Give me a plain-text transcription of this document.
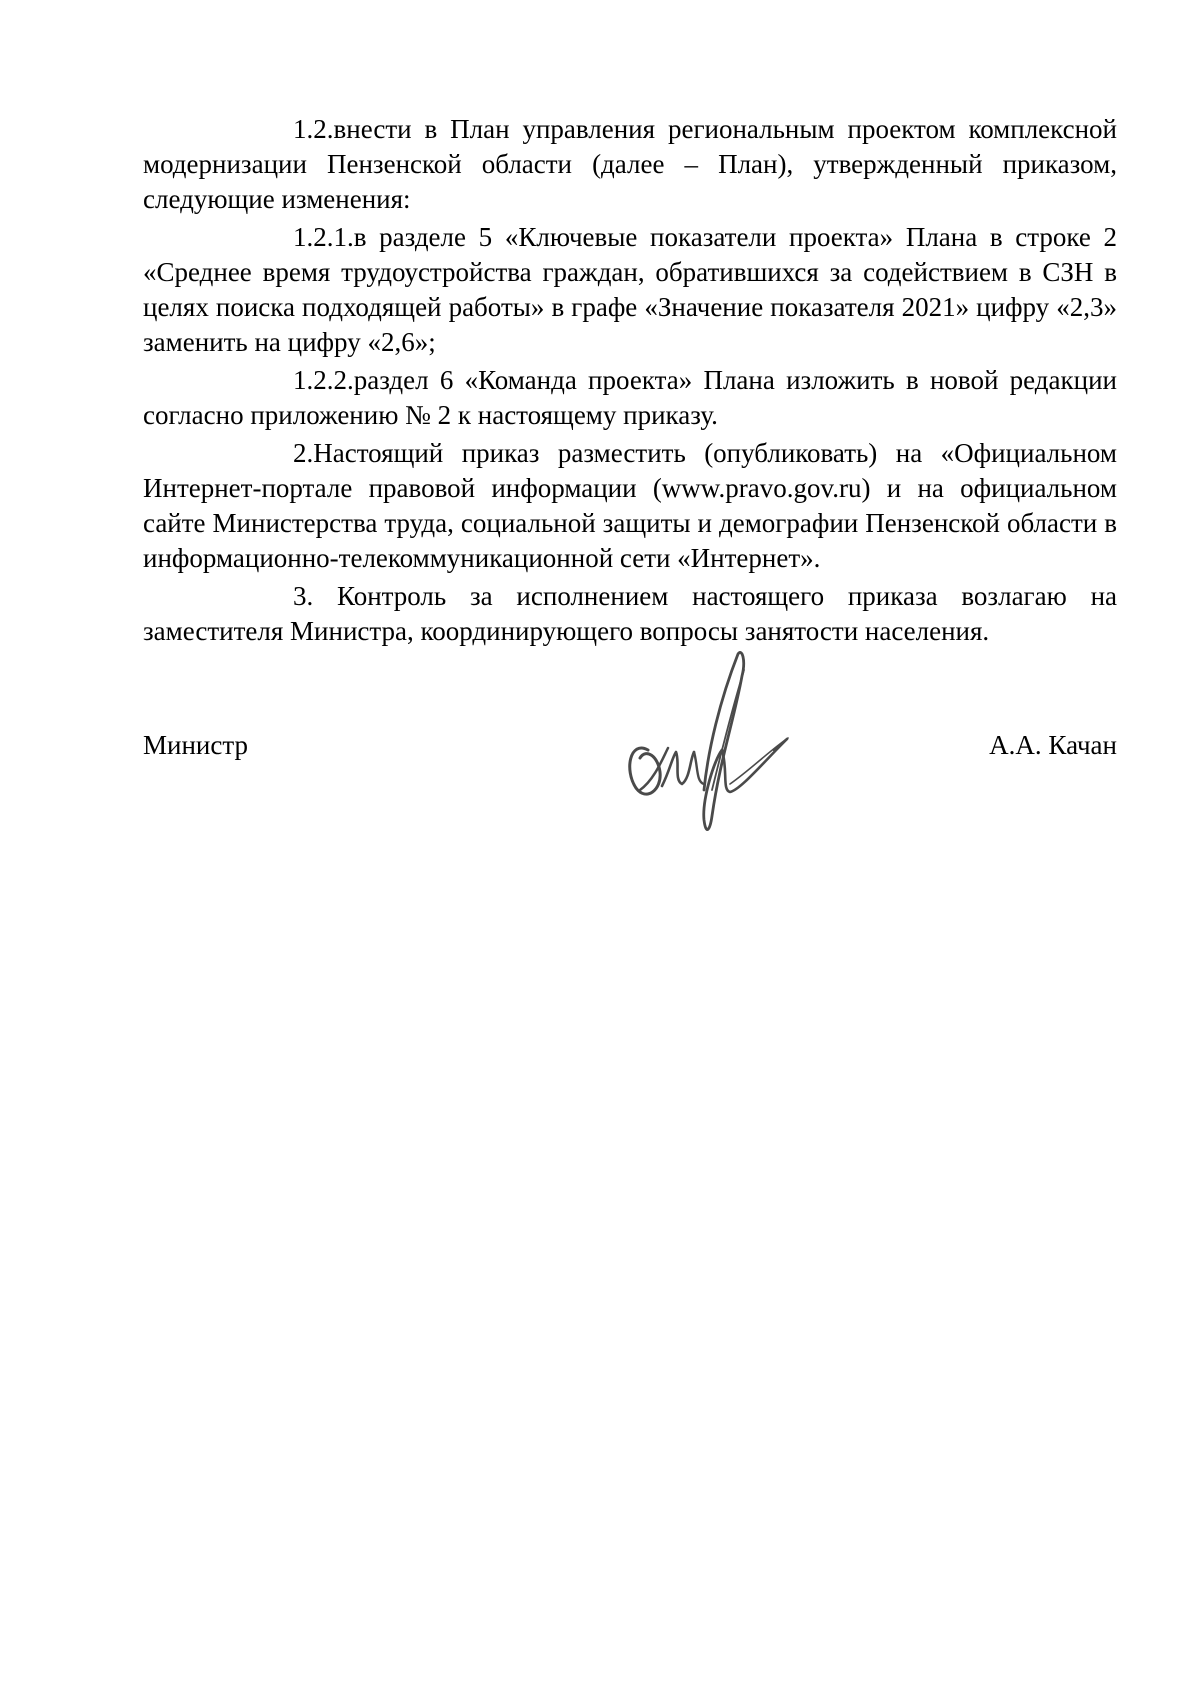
1.2.внести в План управления региональным проектом комплексной модернизации Пензенской области (далее – План), утвержденный приказом, следующие изменения:

1.2.1.в разделе 5 «Ключевые показатели проекта» Плана в строке 2 «Среднее время трудоустройства граждан, обратившихся за содействием в СЗН в целях поиска подходящей работы» в графе «Значение показателя 2021» цифру «2,3» заменить на цифру «2,6»;

1.2.2.раздел 6 «Команда проекта» Плана изложить в новой редакции согласно приложению № 2 к настоящему приказу.

2.Настоящий приказ разместить (опубликовать) на «Официальном Интернет-портале правовой информации (www.pravo.gov.ru) и на официальном сайте Министерства труда, социальной защиты и демографии Пензенской области в информационно-телекоммуникационной сети «Интернет».

3. Контроль за исполнением настоящего приказа возлагаю на заместителя Министра, координирующего вопросы занятости населения.

Министр	А.А. Качан
